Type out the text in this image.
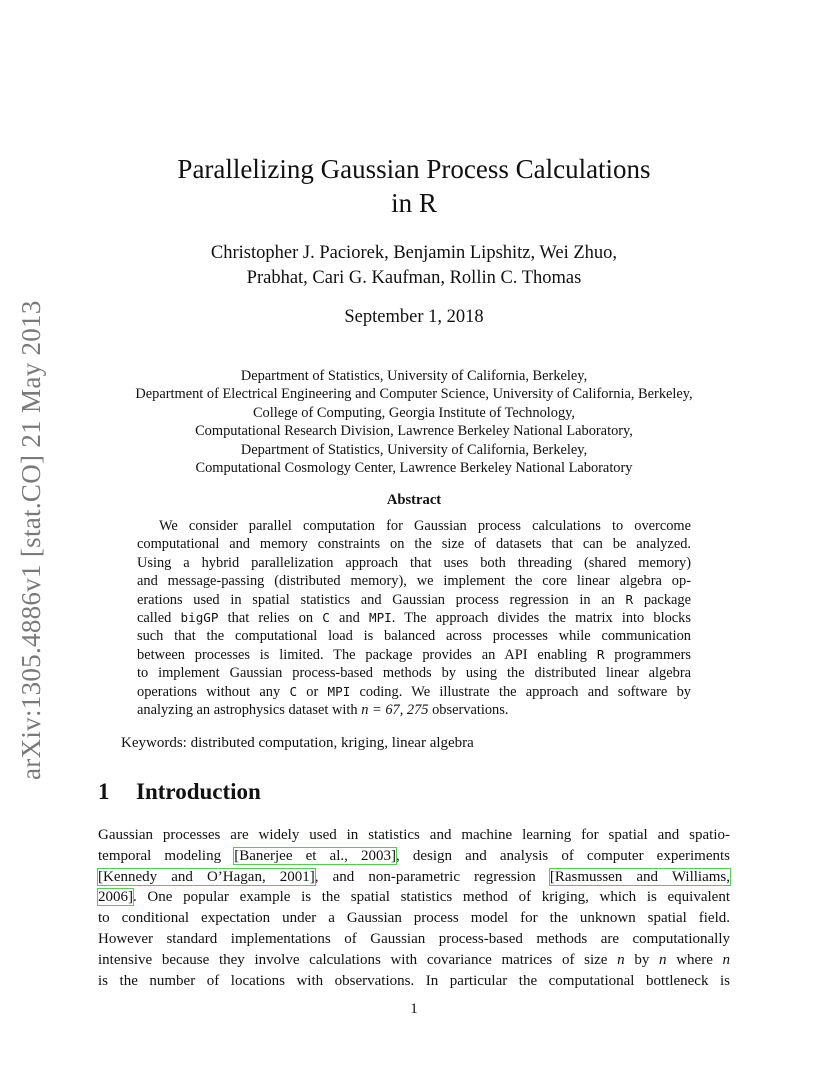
arXiv:1305.4886v1 [stat.CO] 21 May 2013
Parallelizing Gaussian Process Calculations
in R
Christopher J. Paciorek, Benjamin Lipshitz, Wei Zhuo,
Prabhat, Cari G. Kaufman, Rollin C. Thomas
September 1, 2018
Department of Statistics, University of California, Berkeley,
Department of Electrical Engineering and Computer Science, University of California, Berkeley,
College of Computing, Georgia Institute of Technology,
Computational Research Division, Lawrence Berkeley National Laboratory,
Department of Statistics, University of California, Berkeley,
Computational Cosmology Center, Lawrence Berkeley National Laboratory
Abstract
We consider parallel computation for Gaussian process calculations to overcome
computational and memory constraints on the size of datasets that can be analyzed.
Using a hybrid parallelization approach that uses both threading (shared memory)
and message-passing (distributed memory), we implement the core linear algebra op-
erations used in spatial statistics and Gaussian process regression in an R package
called bigGP that relies on C and MPI. The approach divides the matrix into blocks
such that the computational load is balanced across processes while communication
between processes is limited. The package provides an API enabling R programmers
to implement Gaussian process-based methods by using the distributed linear algebra
operations without any C or MPI coding. We illustrate the approach and software by
analyzing an astrophysics dataset with n = 67, 275 observations.
Keywords: distributed computation, kriging, linear algebra
1 Introduction
Gaussian processes are widely used in statistics and machine learning for spatial and spatio-
temporal modeling [Banerjee et al., 2003], design and analysis of computer experiments
[Kennedy and O’Hagan, 2001], and non-parametric regression [Rasmussen and Williams,
2006]. One popular example is the spatial statistics method of kriging, which is equivalent
to conditional expectation under a Gaussian process model for the unknown spatial field.
However standard implementations of Gaussian process-based methods are computationally
intensive because they involve calculations with covariance matrices of size n by n where n
is the number of locations with observations. In particular the computational bottleneck is
1
